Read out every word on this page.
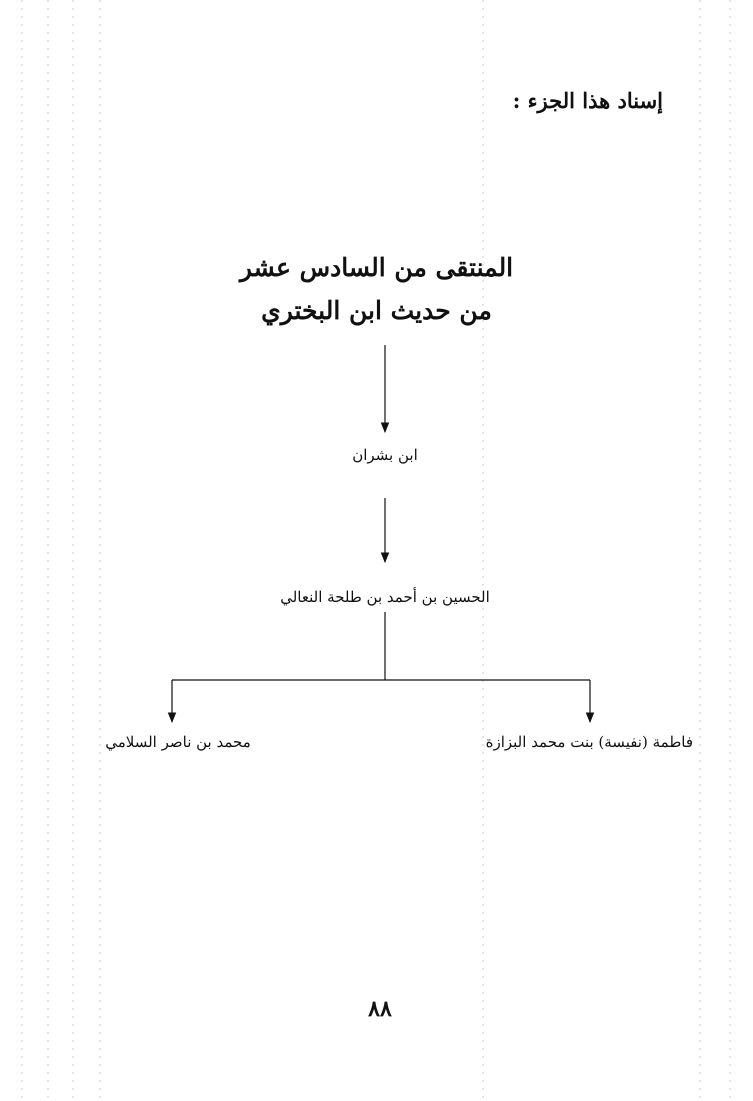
إسناد هذا الجزء :
المنتقى من السادس عشر
من حديث ابن البختري
ابن بشران
الحسين بن أحمد بن طلحة النعالي
فاطمة (نفيسة) بنت محمد البزازة
محمد بن ناصر السلامي
٨٨
